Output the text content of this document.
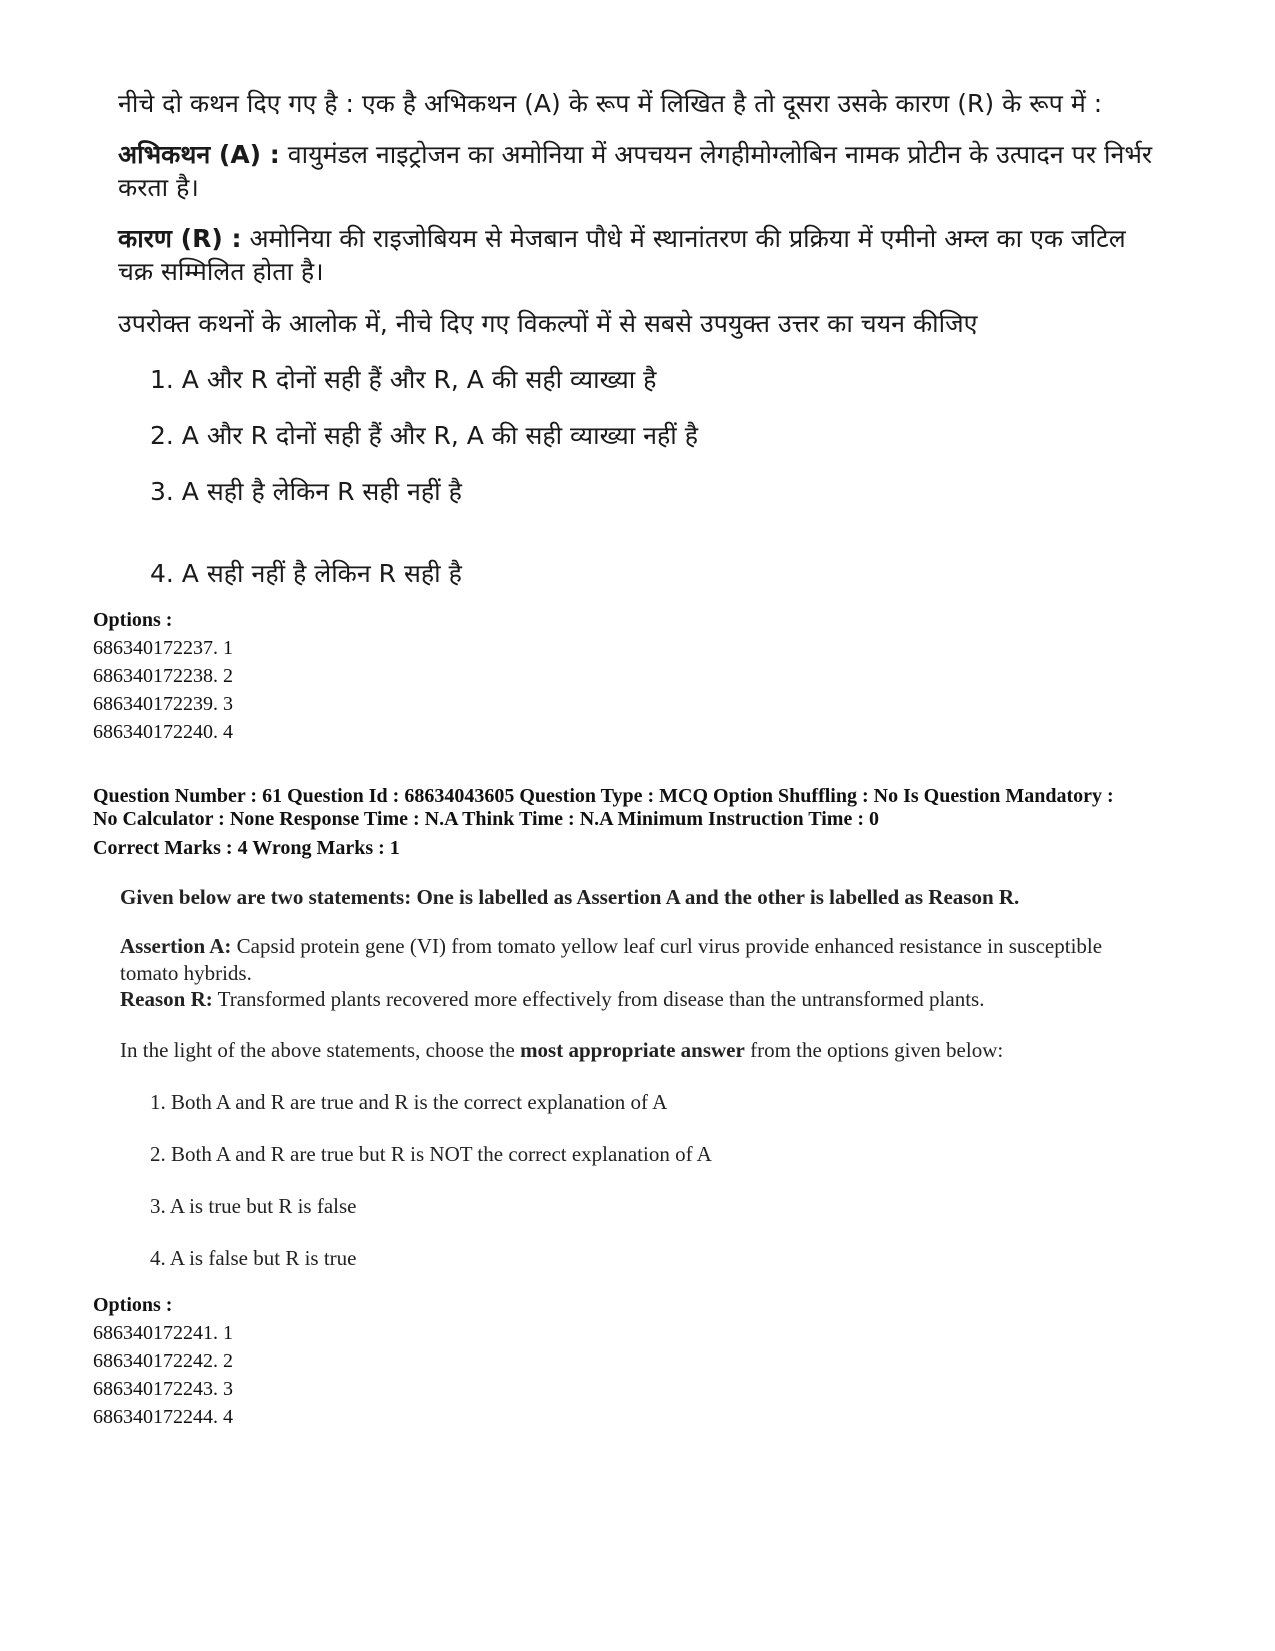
नीचे दो कथन दिए गए है : एक है अभिकथन (A) के रूप में लिखित है तो दूसरा उसके कारण (R) के रूप में :
अभिकथन (A) : वायुमंडल नाइट्रोजन का अमोनिया में अपचयन लेगहीमोग्लोबिन नामक प्रोटीन के उत्पादन पर निर्भर करता है।
कारण (R) : अमोनिया की राइजोबियम से मेजबान पौधे में स्थानांतरण की प्रक्रिया में एमीनो अम्ल का एक जटिल चक्र सम्मिलित होता है।
उपरोक्त कथनों के आलोक में, नीचे दिए गए विकल्पों में से सबसे उपयुक्त उत्तर का चयन कीजिए
1. A और R दोनों सही हैं और R, A की सही व्याख्या है
2. A और R दोनों सही हैं और R, A की सही व्याख्या नहीं है
3. A सही है लेकिन R सही नहीं है
4. A सही नहीं है लेकिन R सही है
Options :
686340172237. 1
686340172238. 2
686340172239. 3
686340172240. 4
Question Number : 61 Question Id : 68634043605 Question Type : MCQ Option Shuffling : No Is Question Mandatory :
No Calculator : None Response Time : N.A Think Time : N.A Minimum Instruction Time : 0
Correct Marks : 4 Wrong Marks : 1
Given below are two statements: One is labelled as Assertion A and the other is labelled as Reason R.
Assertion A: Capsid protein gene (VI) from tomato yellow leaf curl virus provide enhanced resistance in susceptible tomato hybrids.
Reason R: Transformed plants recovered more effectively from disease than the untransformed plants.
In the light of the above statements, choose the most appropriate answer from the options given below:
1. Both A and R are true and R is the correct explanation of A
2. Both A and R are true but R is NOT the correct explanation of A
3. A is true but R is false
4. A is false but R is true
Options :
686340172241. 1
686340172242. 2
686340172243. 3
686340172244. 4
